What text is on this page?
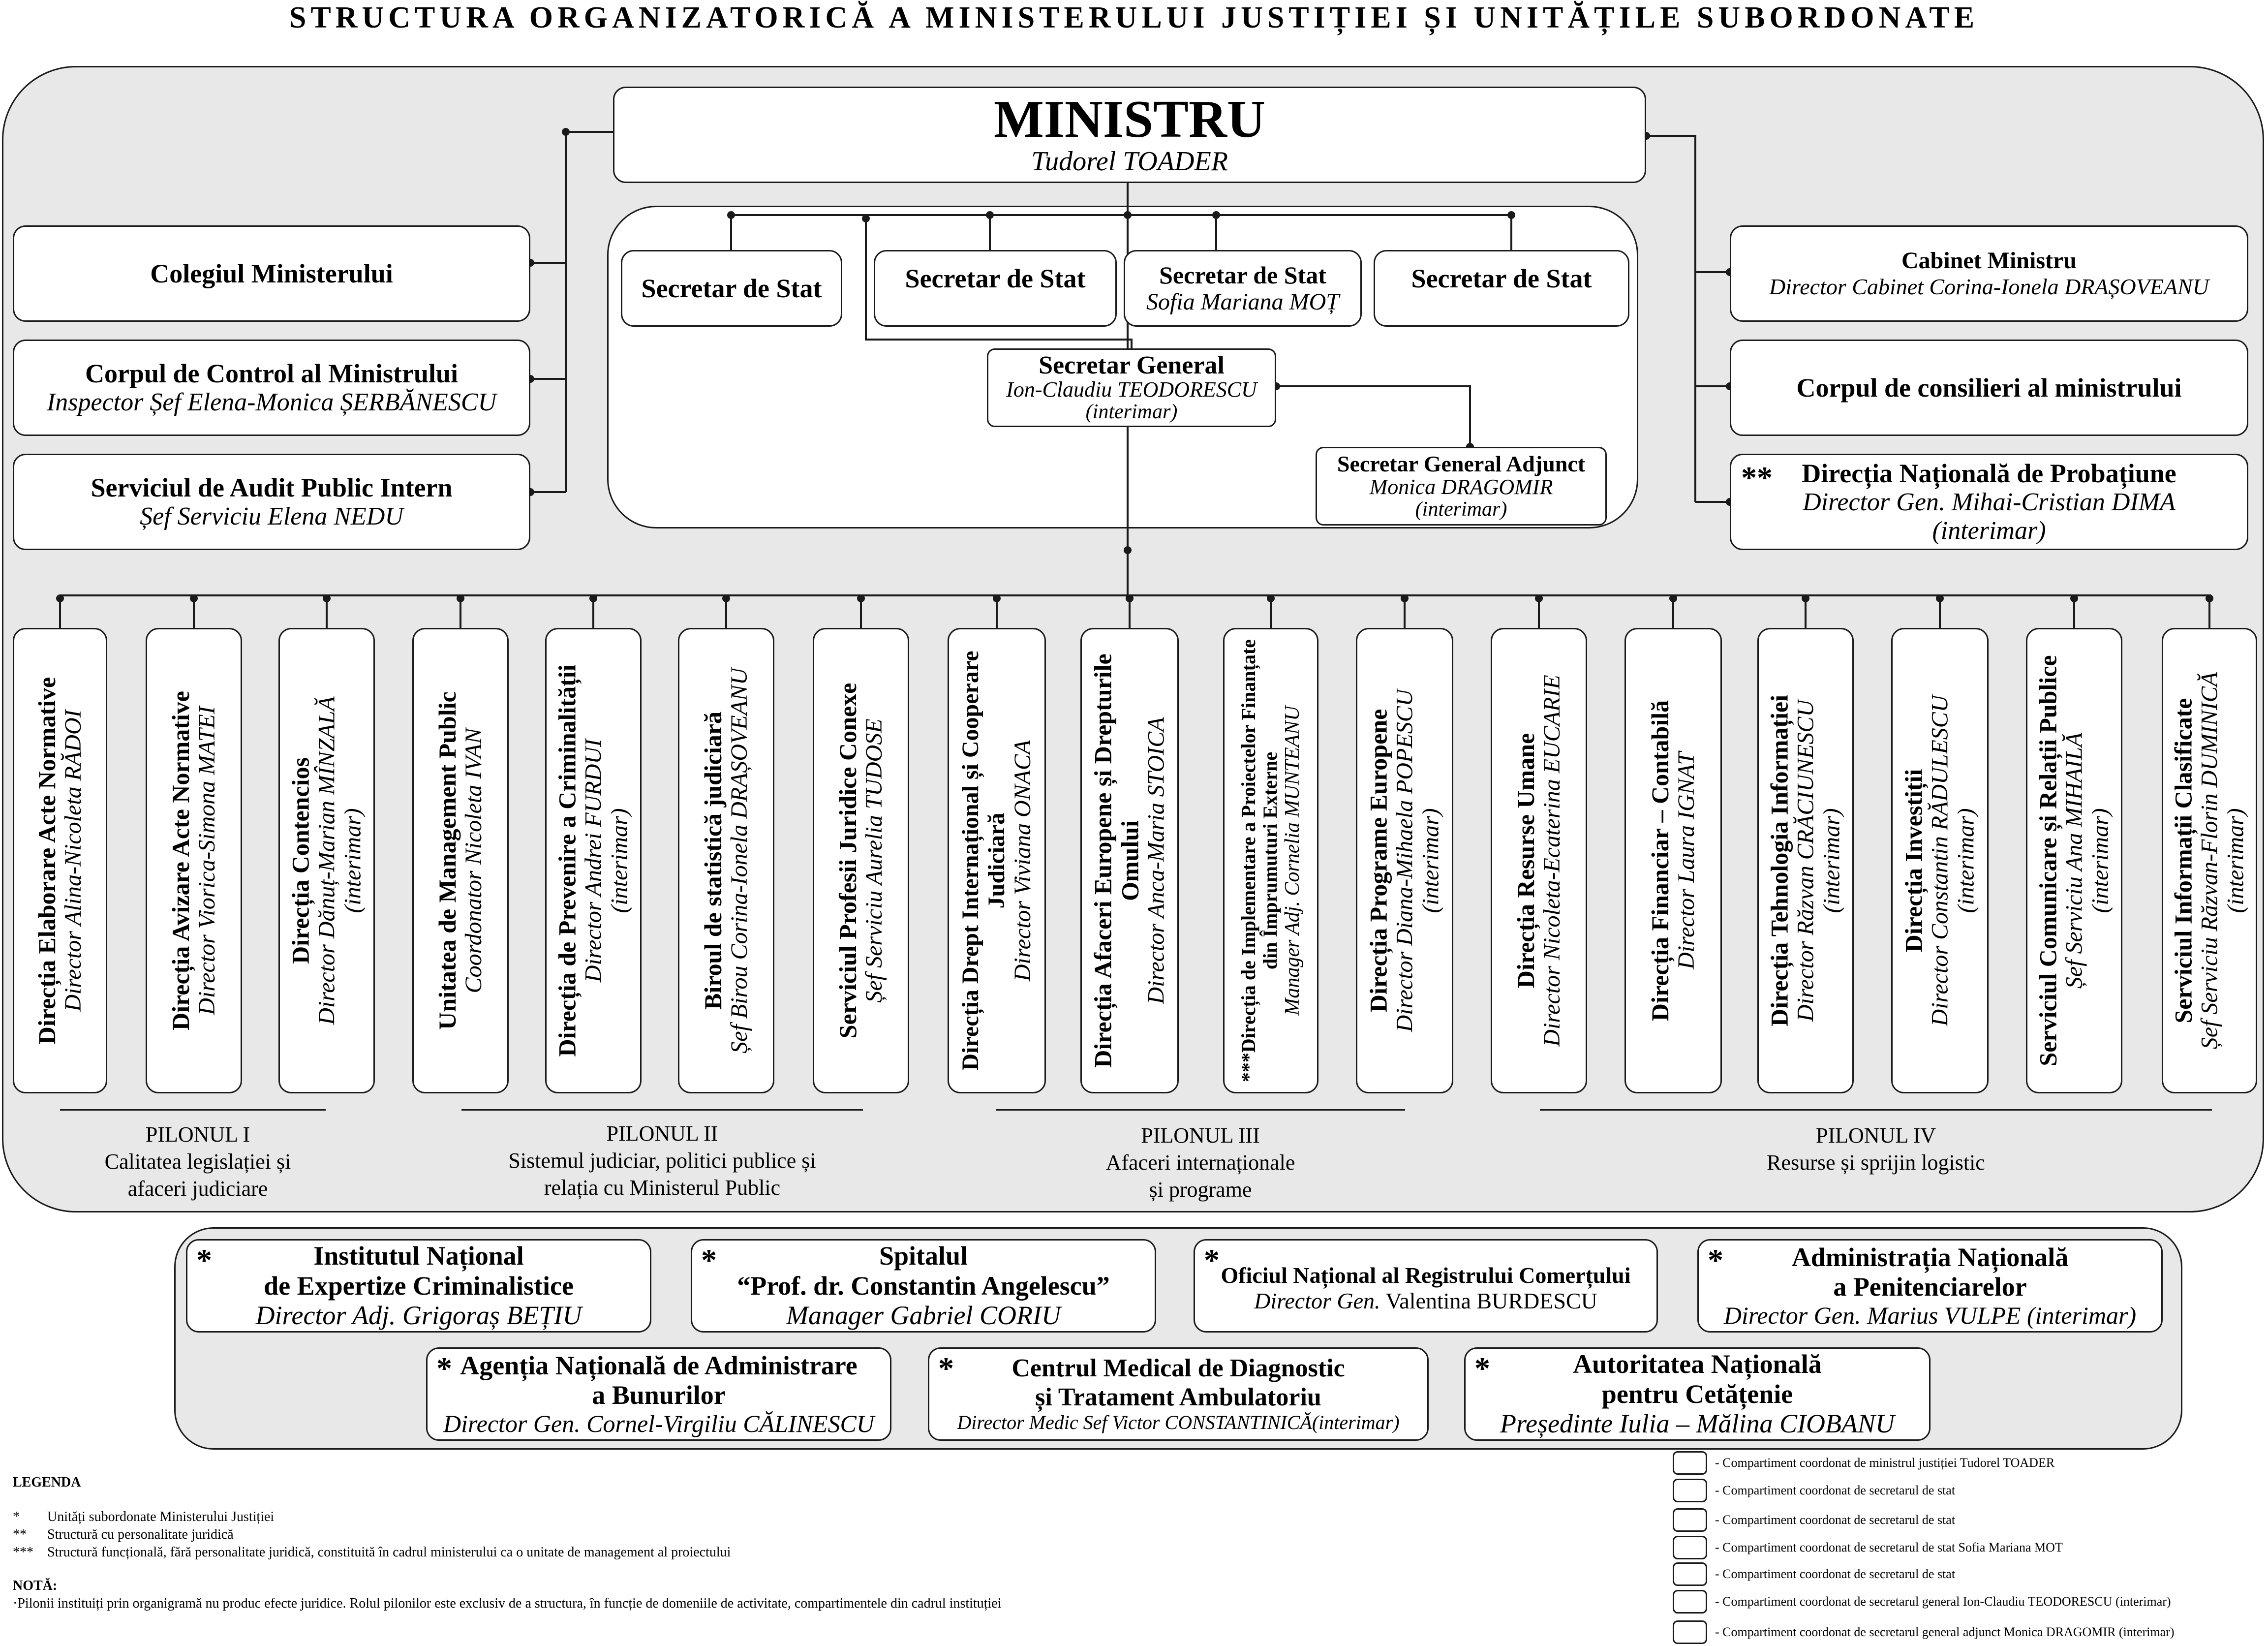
STRUCTURA ORGANIZATORICĂ A MINISTERULUI JUSTIȚIEI ȘI UNITĂȚILE SUBORDONATE
MINISTRU
Tudorel TOADER
Colegiul Ministerului
Corpul de Control al Ministrului
Inspector Șef Elena-Monica ȘERBĂNESCU
Serviciul de Audit Public Intern
Șef Serviciu Elena NEDU
Cabinet Ministru
Director Cabinet Corina-Ionela DRAȘOVEANU
Corpul de consilieri al ministrului
** Direcția Națională de Probațiune
Director Gen. Mihai-Cristian DIMA
(interimar)
Secretar de Stat	Secretar de Stat	Secretar de Stat
Sofia Mariana MOȚ
Secretar de Stat
Secretar General
Ion-Claudiu TEODORESCU
(interimar)
Secretar General Adjunct
Monica DRAGOMIR
(interimar)
Direcția Elaborare Acte Normative Director Alina-Nicoleta RĂDOI	Direcția Avizare Acte Normative Director Viorica-Simona MATEI	Direcția Contencios Director Dănuț-Marian MÎNZALĂ (interimar)	Unitatea de Management Public Coordonator Nicoleta IVAN	Direcția de Prevenire a Criminalității Director Andrei FURDUI (interimar)	Biroul de statistică judiciară Șef Birou Corina-Ionela DRAȘOVEANU	Serviciul Profesii Juridice Conexe Șef Serviciu Aurelia TUDOSE	Direcția Drept Internațional și Cooperare Judiciară Director Viviana ONACA Direcția Afaceri Europene și Drepturile Omului Director Anca-Maria STOICA	***Direcția de Implementare a Proiectelor Finanțate din Împrumuturi Externe Manager Adj. Cornelia MUNTEANU Direcția Programe Europene Director Diana-Mihaela POPESCU (interimar)	Direcția Resurse Umane Director Nicoleta-Ecaterina EUCARIE	Direcția Financiar – Contabilă Director Laura IGNAT	Direcția Tehnologia Informației Director Răzvan CRĂCIUNESCU (interimar) Direcția Investiții Director Constantin RĂDULESCU (interimar) Serviciul Comunicare și Relații Publice Șef Serviciu Ana MIHAILĂ (interimar) Serviciul Informații Clasificate Șef Serviciu Răzvan-Florin DUMINICĂ (interimar)
PILONUL I
Calitatea legislației și
afaceri judiciare
PILONUL II
Sistemul judiciar, politici publice și
relația cu Ministerul Public
PILONUL III
Afaceri internaționale
și programe
PILONUL IV
Resurse și sprijin logistic
*	Institutul Național
de Expertize Criminalistice
Director Adj. Grigoraș BEȚIU
*	Spitalul
“Prof. dr. Constantin Angelescu”
Manager Gabriel CORIU
* Oficiul Național al Registrului Comerțului
Director Gen. Valentina BURDESCU
*	Administrația Națională
a Penitenciarelor
Director Gen. Marius VULPE (interimar)
* Agenția Națională de Administrare
a Bunurilor
Director Gen. Cornel-Virgiliu CĂLINESCU
* Centrul Medical de Diagnostic
și Tratament Ambulatoriu
Director Medic Sef Victor CONSTANTINICĂ(interimar)
*	Autoritatea Națională
pentru Cetățenie
Președinte Iulia – Mălina CIOBANU
LEGENDA
* Unități subordonate Ministerului Justiției
** Structură cu personalitate juridică
*** Structură funcțională, fără personalitate juridică, constituită în cadrul ministerului ca o unitate de management al proiectului
NOTĂ:
·Pilonii instituiți prin organigramă nu produc efecte juridice. Rolul pilonilor este exclusiv de a structura, în funcție de domeniile de activitate, compartimentele din cadrul instituției
- Compartiment coordonat de ministrul justiției Tudorel TOADER
- Compartiment coordonat de secretarul de stat
- Compartiment coordonat de secretarul de stat
- Compartiment coordonat de secretarul de stat Sofia Mariana MOT
- Compartiment coordonat de secretarul de stat
- Compartiment coordonat de secretarul general Ion-Claudiu TEODORESCU (interimar)
- Compartiment coordonat de secretarul general adjunct Monica DRAGOMIR (interimar)
